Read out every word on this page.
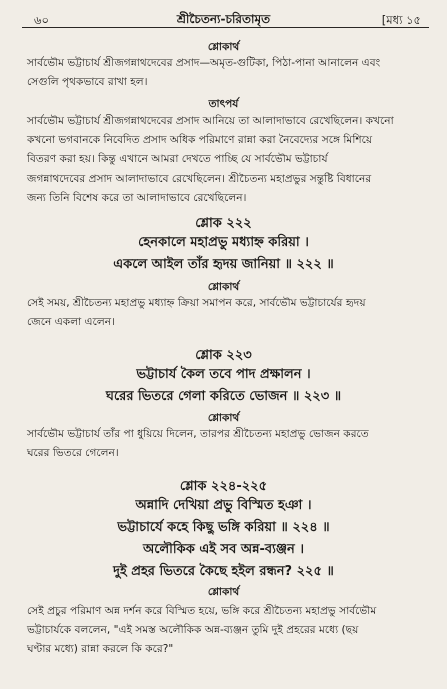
৬০	শ্রীচৈতন্য-চরিতামৃত	[মধ্য ১৫
শ্লোকার্থ
সার্বভৌম ভট্টাচার্য শ্রীজগন্নাথদেবের প্রসাদ—অমৃত-গুটিকা, পিঠা-পানা আনালেন এবং
সেগুলি পৃথকভাবে রাখা হল।
তাৎপর্য
সার্বভৌম ভট্টাচার্য শ্রীজগন্নাথদেবের প্রসাদ আনিয়ে তা আলাদাভাবে রেখেছিলেন। কখনো
কখনো ভগবানকে নিবেদিত প্রসাদ অধিক পরিমাণে রান্না করা নৈবেদ্যের সঙ্গে মিশিয়ে
বিতরণ করা হয়। কিন্তু এখানে আমরা দেখতে পাচ্ছি যে সার্বভৌম ভট্টাচার্য
জগন্নাথদেবের প্রসাদ আলাদাভাবে রেখেছিলেন। শ্রীচৈতন্য মহাপ্রভুর সন্তুষ্টি বিধানের
জন্য তিনি বিশেষ করে তা আলাদাভাবে রেখেছিলেন।
শ্লোক ২২২
হেনকালে মহাপ্রভু মধ্যাহ্ন করিয়া ।
একলে আইল তাঁর হৃদয় জানিয়া ॥ ২২২ ॥
শ্লোকার্থ
সেই সময়, শ্রীচৈতন্য মহাপ্রভু মধ্যাহ্ন ক্রিয়া সমাপন করে, সার্বভৌম ভট্টাচার্যের হৃদয়
জেনে একলা এলেন।
শ্লোক ২২৩
ভট্টাচার্য কৈল তবে পাদ প্রক্ষালন ।
ঘরের ভিতরে গেলা করিতে ভোজন ॥ ২২৩ ॥
শ্লোকার্থ
সার্বভৌম ভট্টাচার্য তাঁর পা ধুয়িয়ে দিলেন, তারপর শ্রীচৈতন্য মহাপ্রভু ভোজন করতে
ঘরের ভিতরে গেলেন।
শ্লোক ২২৪-২২৫
অন্নাদি দেখিয়া প্রভু বিস্মিত হঞা ।
ভট্টাচার্যে কহে কিছু ভঙ্গি করিয়া ॥ ২২৪ ॥
অলৌকিক এই সব অন্ন-ব্যঞ্জন ।
দুই প্রহর ভিতরে কৈছে হইল রন্ধন? ২২৫ ॥
শ্লোকার্থ
সেই প্রচুর পরিমাণ অন্ন দর্শন করে বিস্মিত হয়ে, ভঙ্গি করে শ্রীচৈতন্য মহাপ্রভু সার্বভৌম
ভট্টাচার্যকে বললেন, "এই সমস্ত অলৌকিক অন্ন-ব্যঞ্জন তুমি দুই প্রহরের মধ্যে (ছয়
ঘণ্টার মধ্যে) রান্না করলে কি করে?"
